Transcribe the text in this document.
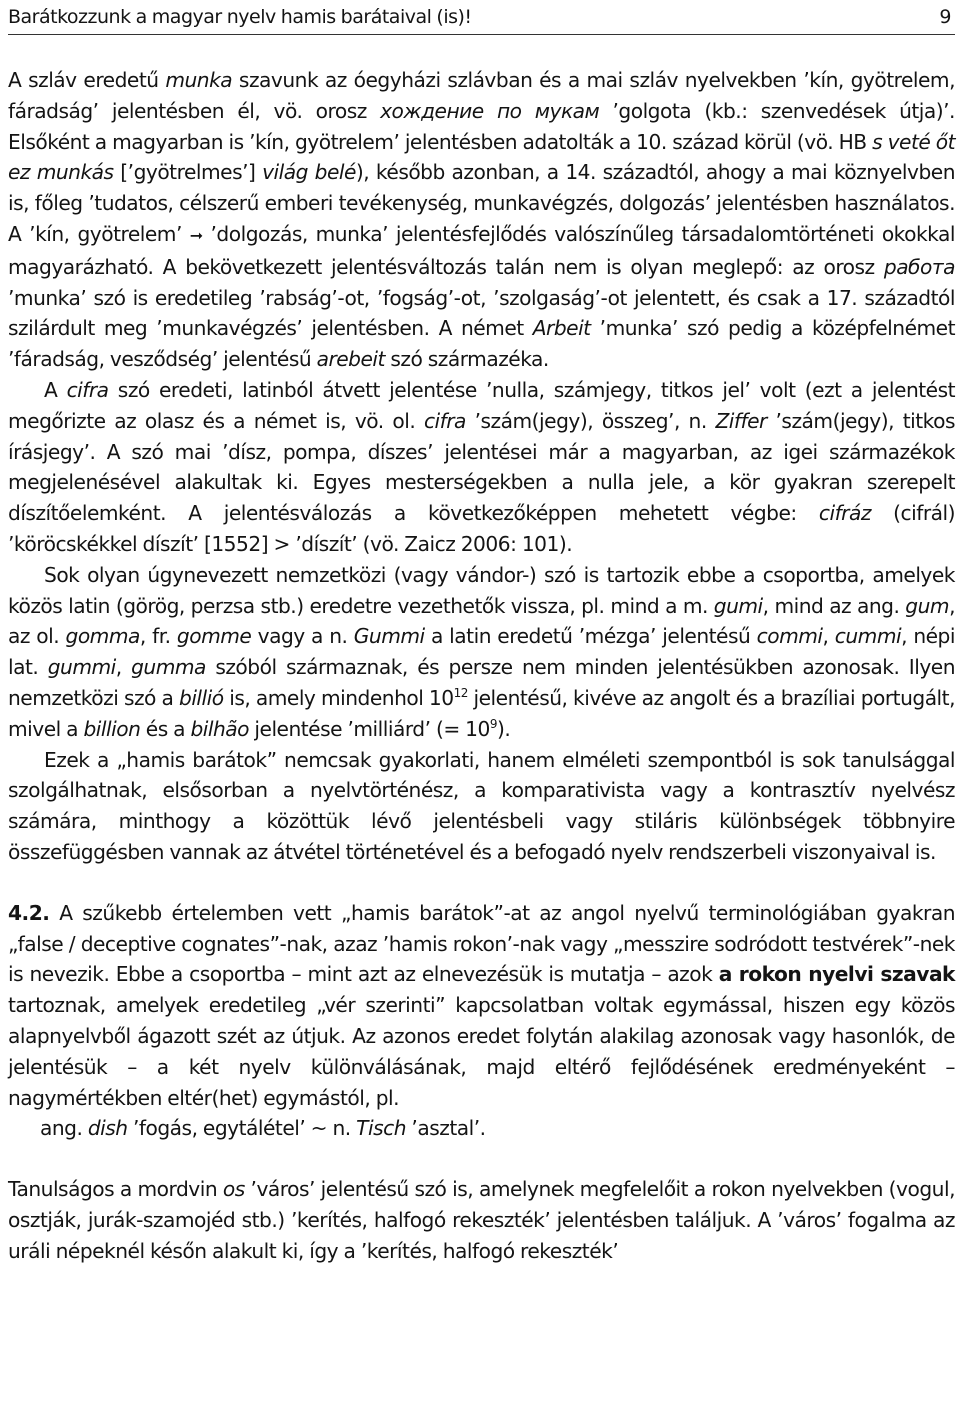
Barátkozzunk a magyar nyelv hamis barátaival (is)!	9

A szláv eredetű munka szavunk az óegyházi szlávban és a mai szláv nyelvekben ’kín, gyötrelem, fáradság’ jelentésben él, vö. orosz хождение по мукам ’golgota (kb.: szenvedések útja)’. Elsőként a magyarban is ’kín, gyötrelem’ jelentésben adatolták a 10. század körül (vö. HB s veté őt ez munkás [’gyötrelmes’] világ belé), később azonban, a 14. századtól, ahogy a mai köznyelvben is, főleg ’tudatos, célszerű emberi tevékenység, munkavégzés, dolgozás’ jelentésben használatos. A ’kín, gyötrelem’ ➞ ’dolgozás, munka’ jelentésfejlődés valószínűleg társadalomtörténeti okokkal magyarázható. A bekövetkezett jelentésváltozás talán nem is olyan meglepő: az orosz работа ’munka’ szó is eredetileg ’rabság’-ot, ’fogság’-ot, ’szolgaság’-ot jelentett, és csak a 17. századtól szilárdult meg ’munkavégzés’ jelentésben. A német Arbeit ’munka’ szó pedig a középfelnémet ’fáradság, vesződség’ jelentésű arebeit szó származéka.

A cifra szó eredeti, latinból átvett jelentése ’nulla, számjegy, titkos jel’ volt (ezt a jelentést megőrizte az olasz és a német is, vö. ol. cifra ’szám(jegy), összeg’, n. Ziffer ’szám(jegy), titkos írásjegy’. A szó mai ’dísz, pompa, díszes’ jelentései már a magyarban, az igei származékok megjelenésével alakultak ki. Egyes mesterségekben a nulla jele, a kör gyakran szerepelt díszítőelemként. A jelentésválozás a következőképpen mehetett végbe: cifráz (cifrál) ’köröcskékkel díszít’ [1552] > ’díszít’ (vö. Zaicz 2006: 101).

Sok olyan úgynevezett nemzetközi (vagy vándor-) szó is tartozik ebbe a csoportba, amelyek közös latin (görög, perzsa stb.) eredetre vezethetők vissza, pl. mind a m. gumi, mind az ang. gum, az ol. gomma, fr. gomme vagy a n. Gummi a latin eredetű ’mézga’ jelentésű commi, cummi, népi lat. gummi, gumma szóból származnak, és persze nem minden jelentésükben azonosak. Ilyen nemzetközi szó a billió is, amely mindenhol $10^{12}$ jelentésű, kivéve az angolt és a brazíliai portugált, mivel a billion és a bilhão jelentése ’milliárd’ (= $10^9$).

Ezek a „hamis barátok” nemcsak gyakorlati, hanem elméleti szempontból is sok tanulsággal szolgálhatnak, elsősorban a nyelvtörténész, a komparativista vagy a kontrasztív nyelvész számára, minthogy a közöttük lévő jelentésbeli vagy stiláris különbségek többnyire összefüggésben vannak az átvétel történetével és a befogadó nyelv rendszerbeli viszonyaival is.

4.2. A szűkebb értelemben vett „hamis barátok”-at az angol nyelvű terminológiában gyakran „false / deceptive cognates”-nak, azaz ’hamis rokon’-nak vagy „messzire sodródott testvérek”-nek is nevezik. Ebbe a csoportba – mint azt az elnevezésük is mutatja – azok a rokon nyelvi szavak tartoznak, amelyek eredetileg „vér szerinti” kapcsolatban voltak egymással, hiszen egy közös alapnyelvből ágazott szét az útjuk. Az azonos eredet folytán alakilag azonosak vagy hasonlók, de jelentésük – a két nyelv különválásának, majd eltérő fejlődésének eredményeként – nagymértékben eltér(het) egymástól, pl.
ang. dish ’fogás, egytálétel’ ~ n. Tisch ’asztal’.

Tanulságos a mordvin os ’város’ jelentésű szó is, amelynek megfelelőit a rokon nyelvekben (vogul, osztják, jurák-szamojéd stb.) ’kerítés, halfogó rekeszték’ jelentésben találjuk. A ’város’ fogalma az uráli népeknél későn alakult ki, így a ’kerítés, halfogó rekeszték’
